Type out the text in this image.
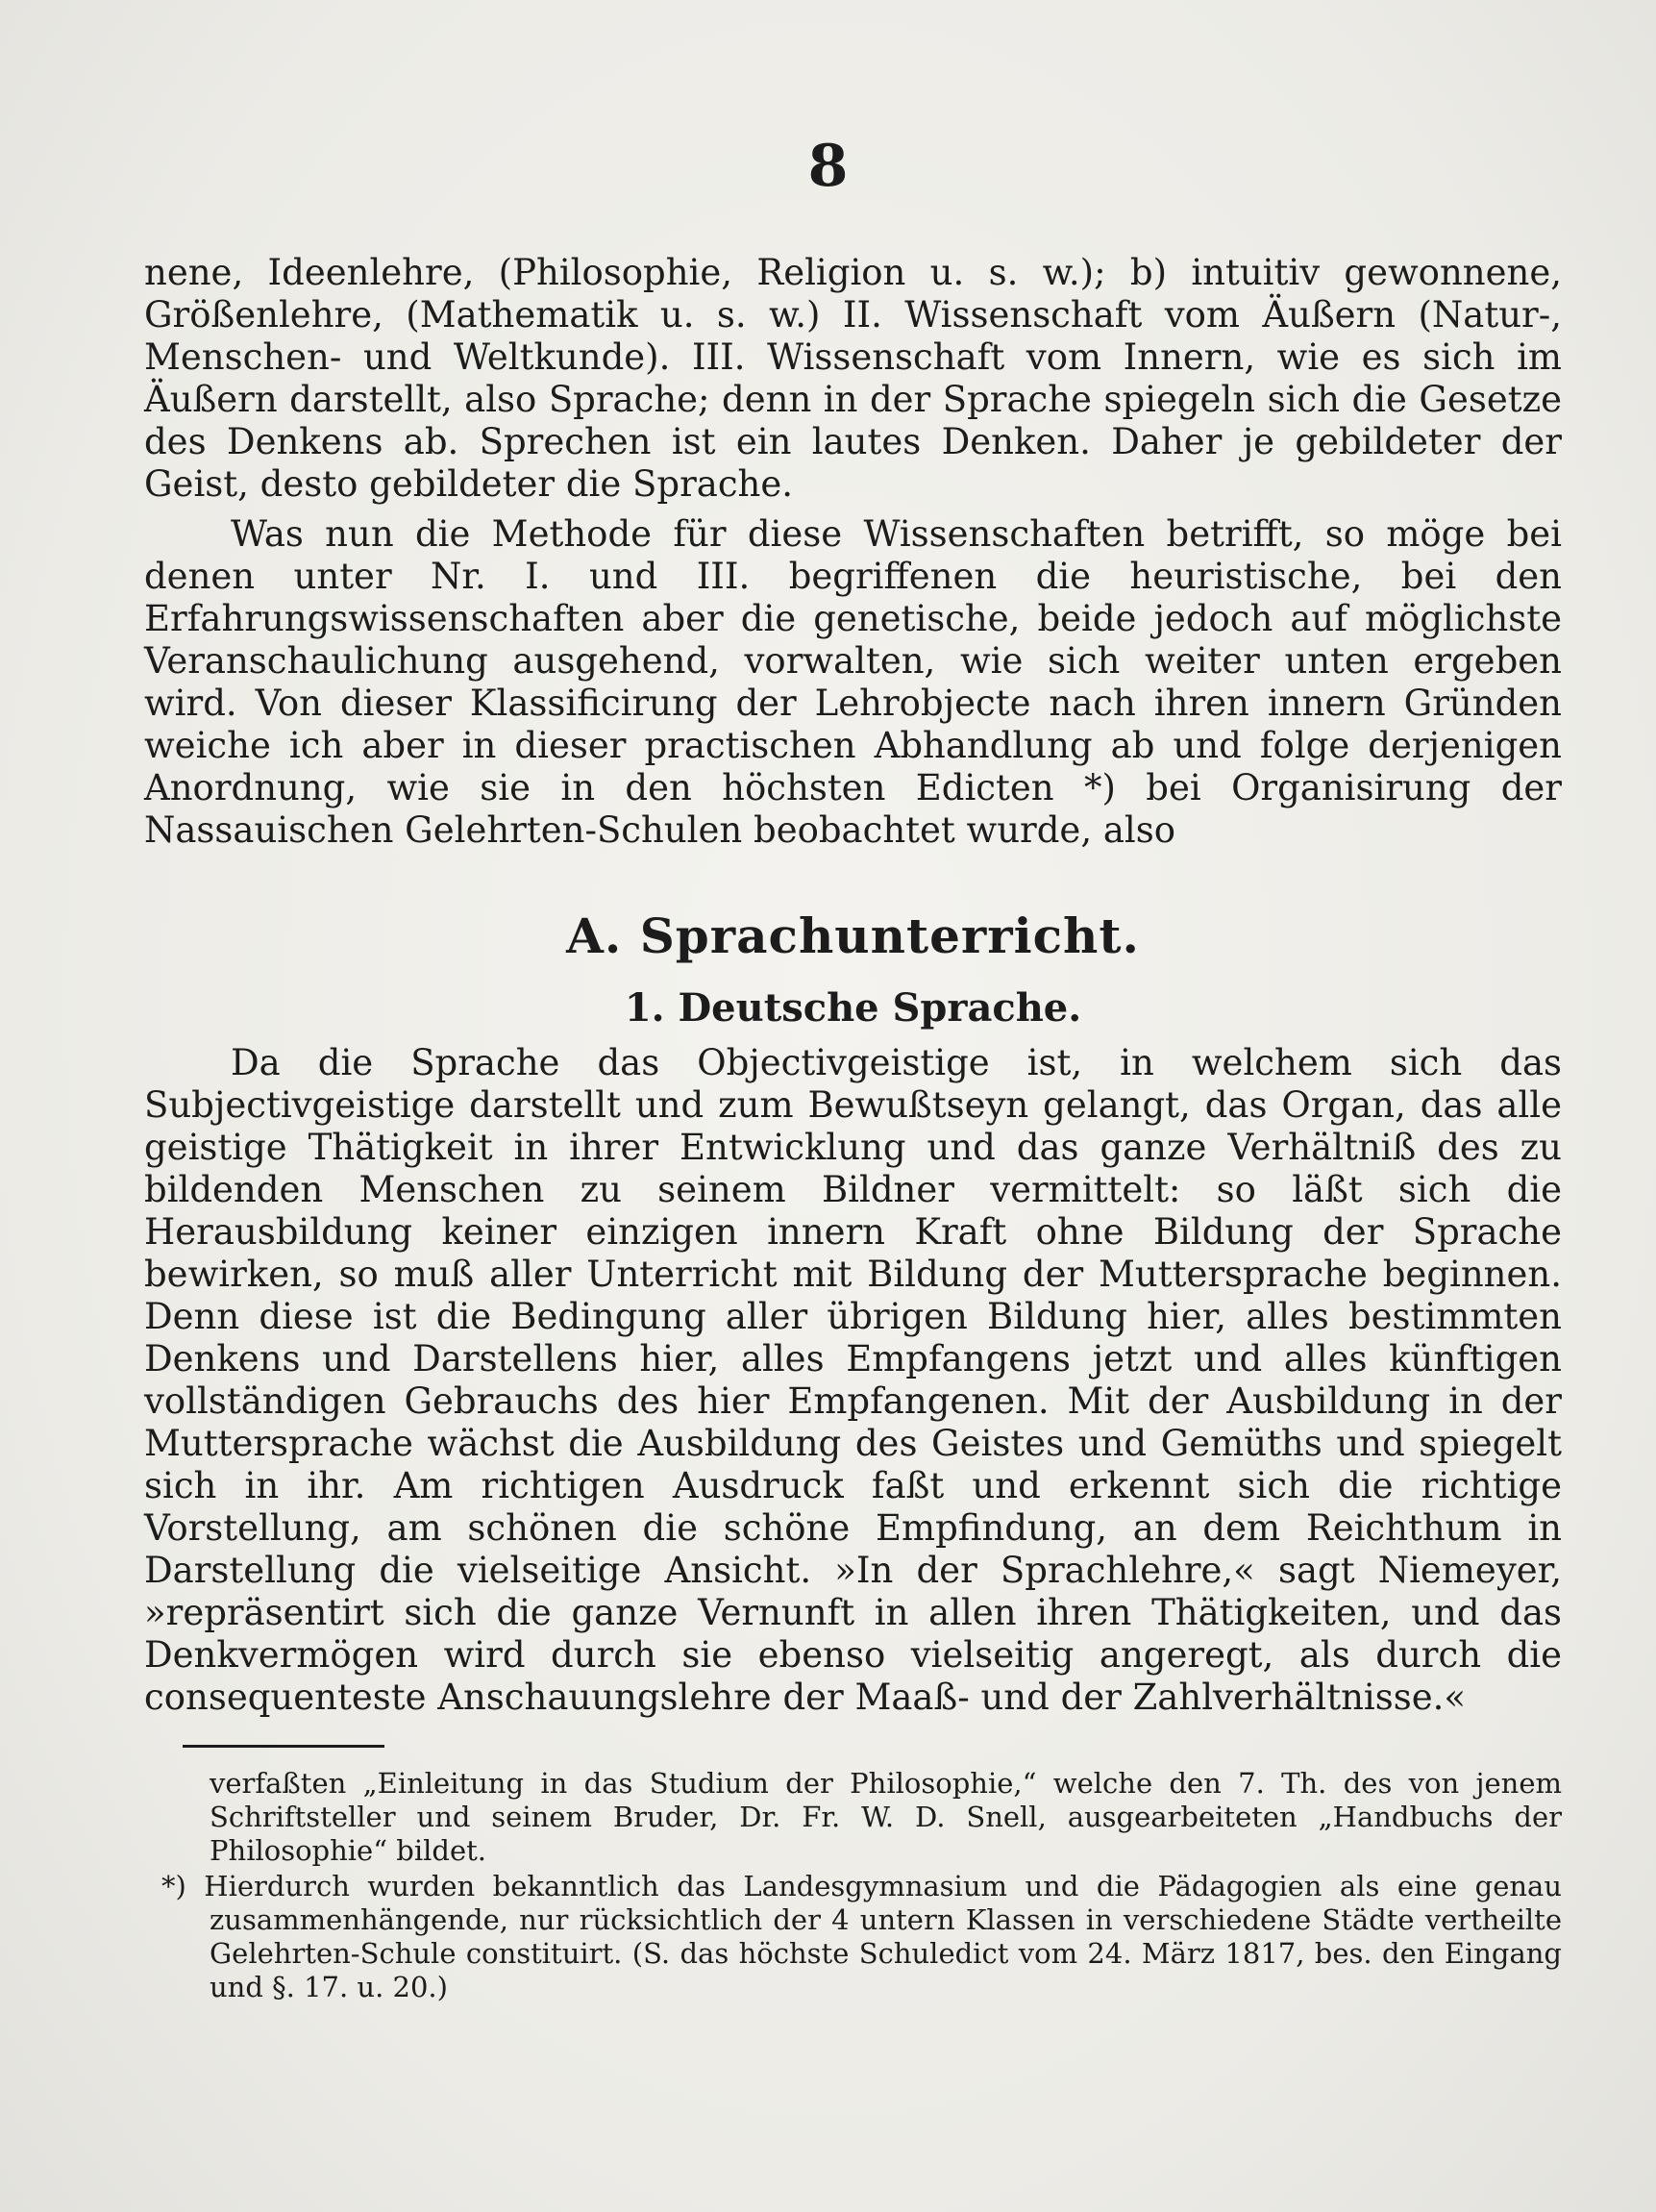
8

nene, Ideenlehre, (Philosophie, Religion u. s. w.); b) intuitiv gewonnene, Größenlehre, (Mathematik u. s. w.) II. Wissenschaft vom Äußern (Natur-, Menschen- und Weltkunde). III. Wissenschaft vom Innern, wie es sich im Äußern darstellt, also Sprache; denn in der Sprache spiegeln sich die Gesetze des Denkens ab. Sprechen ist ein lautes Denken. Daher je gebildeter der Geist, desto gebildeter die Sprache.

Was nun die Methode für diese Wissenschaften betrifft, so möge bei denen unter Nr. I. und III. begriffenen die heuristische, bei den Erfahrungswissenschaften aber die genetische, beide jedoch auf möglichste Veranschaulichung ausgehend, vorwalten, wie sich weiter unten ergeben wird. Von dieser Klassificirung der Lehrobjecte nach ihren innern Gründen weiche ich aber in dieser practischen Abhandlung ab und folge derjenigen Anordnung, wie sie in den höchsten Edicten *) bei Organisirung der Nassauischen Gelehrten-Schulen beobachtet wurde, also

A. Sprachunterricht.
1. Deutsche Sprache.

Da die Sprache das Objectivgeistige ist, in welchem sich das Subjectivgeistige darstellt und zum Bewußtseyn gelangt, das Organ, das alle geistige Thätigkeit in ihrer Entwicklung und das ganze Verhältniß des zu bildenden Menschen zu seinem Bildner vermittelt: so läßt sich die Herausbildung keiner einzigen innern Kraft ohne Bildung der Sprache bewirken, so muß aller Unterricht mit Bildung der Muttersprache beginnen. Denn diese ist die Bedingung aller übrigen Bildung hier, alles bestimmten Denkens und Darstellens hier, alles Empfangens jetzt und alles künftigen vollständigen Gebrauchs des hier Empfangenen. Mit der Ausbildung in der Muttersprache wächst die Ausbildung des Geistes und Gemüths und spiegelt sich in ihr. Am richtigen Ausdruck faßt und erkennt sich die richtige Vorstellung, am schönen die schöne Empfindung, an dem Reichthum in Darstellung die vielseitige Ansicht. »In der Sprachlehre,« sagt Niemeyer, »repräsentirt sich die ganze Vernunft in allen ihren Thätigkeiten, und das Denkvermögen wird durch sie ebenso vielseitig angeregt, als durch die consequenteste Anschauungslehre der Maaß- und der Zahlverhältnisse.«

verfaßten „Einleitung in das Studium der Philosophie,“ welche den 7. Th. des von jenem Schriftsteller und seinem Bruder, Dr. Fr. W. D. Snell, ausgearbeiteten „Handbuchs der Philosophie“ bildet.

*) Hierdurch wurden bekanntlich das Landesgymnasium und die Pädagogien als eine genau zusammenhängende, nur rücksichtlich der 4 untern Klassen in verschiedene Städte vertheilte Gelehrten-Schule constituirt. (S. das höchste Schuledict vom 24. März 1817, bes. den Eingang und §. 17. u. 20.)
